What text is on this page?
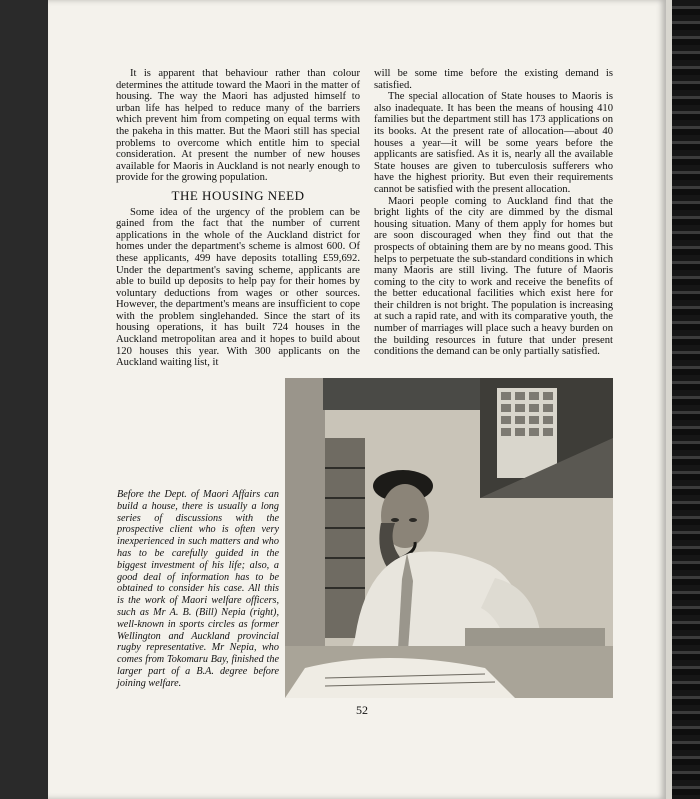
It is apparent that behaviour rather than colour determines the attitude toward the Maori in the matter of housing. The way the Maori has adjusted himself to urban life has helped to reduce many of the barriers which prevent him from competing on equal terms with the pakeha in this matter. But the Maori still has special problems to overcome which entitle him to special consideration. At present the number of new houses available for Maoris in Auckland is not nearly enough to provide for the growing population.

THE HOUSING NEED

Some idea of the urgency of the problem can be gained from the fact that the number of current applications in the whole of the Auckland district for homes under the department's scheme is almost 600. Of these applicants, 499 have deposits totalling £59,692. Under the department's saving scheme, applicants are able to build up deposits to help pay for their homes by voluntary deductions from wages or other sources. However, the department's means are insufficient to cope with the problem singlehanded. Since the start of its housing operations, it has built 724 houses in the Auckland metropolitan area and it hopes to build about 120 houses this year. With 300 applicants on the Auckland waiting list, it

will be some time before the existing demand is satisfied.

The special allocation of State houses to Maoris is also inadequate. It has been the means of housing 410 families but the department still has 173 applications on its books. At the present rate of allocation—about 40 houses a year—it will be some years before the applicants are satisfied. As it is, nearly all the available State houses are given to tuberculosis sufferers who have the highest priority. But even their requirements cannot be satisfied with the present allocation.

Maori people coming to Auckland find that the bright lights of the city are dimmed by the dismal housing situation. Many of them apply for homes but are soon discouraged when they find out that the prospects of obtaining them are by no means good. This helps to perpetuate the sub-standard conditions in which many Maoris are still living. The future of Maoris coming to the city to work and receive the benefits of the better educational facilities which exist here for their children is not bright. The population is increasing at such a rapid rate, and with its comparative youth, the number of marriages will place such a heavy burden on the building resources in future that under present conditions the demand can be only partially satisfied.

Before the Dept. of Maori Affairs can build a house, there is usually a long series of discussions with the prospective client who is often very inexperienced in such matters and who has to be carefully guided in the biggest investment of his life; also, a good deal of information has to be obtained to consider his case. All this is the work of Maori welfare officers, such as Mr A. B. (Bill) Nepia (right), well-known in sports circles as former Wellington and Auckland provincial rugby representative. Mr Nepia, who comes from Tokomaru Bay, finished the larger part of a B.A. degree before joining welfare.
52
